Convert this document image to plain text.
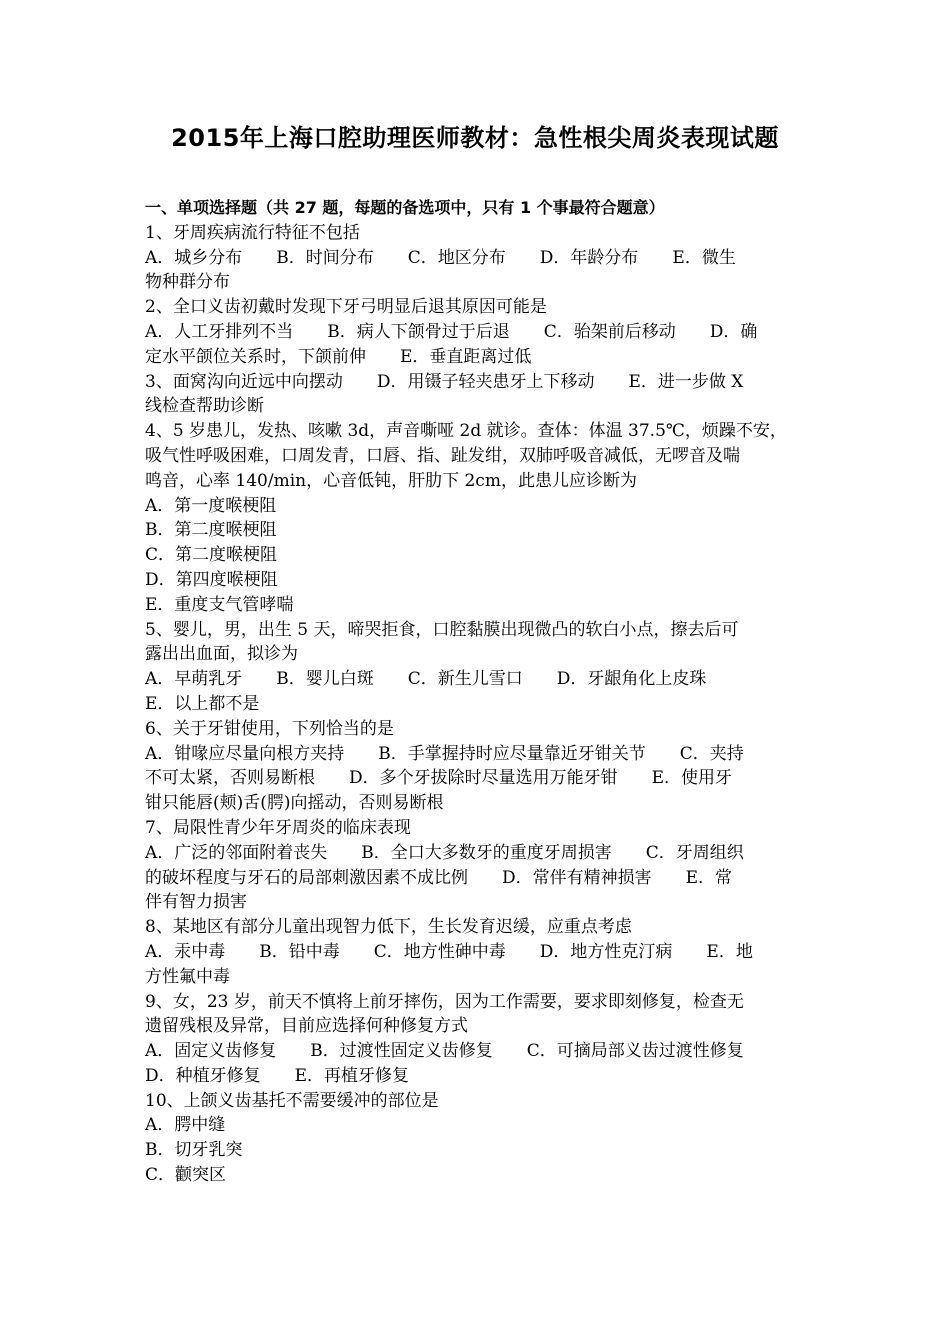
2015年上海口腔助理医师教材：急性根尖周炎表现试题
一、单项选择题（共 27 题，每题的备选项中，只有 1 个事最符合题意）
1、牙周疾病流行特征不包括
A．城乡分布　　B．时间分布　　C．地区分布　　D．年龄分布　　E．微生
物种群分布
2、全口义齿初戴时发现下牙弓明显后退其原因可能是
A．人工牙排列不当　　B．病人下颌骨过于后退　　C．骀架前后移动　　D．确
定水平颌位关系时，下颌前伸　　E．垂直距离过低
3、面窝沟向近远中向摆动　　D．用镊子轻夹患牙上下移动　　E．进一步做 X
线检查帮助诊断
4、5 岁患儿，发热、咳嗽 3d，声音嘶哑 2d 就诊。查体：体温 37.5℃，烦躁不安，
吸气性呼吸困难，口周发青，口唇、指、趾发绀，双肺呼吸音减低，无啰音及喘
鸣音，心率 140/min，心音低钝，肝肋下 2cm，此患儿应诊断为
A．第一度喉梗阻
B．第二度喉梗阻
C．第二度喉梗阻
D．第四度喉梗阻
E．重度支气管哮喘
5、婴儿，男，出生 5 天，啼哭拒食，口腔黏膜出现微凸的软白小点，擦去后可
露出出血面，拟诊为
A．早萌乳牙　　B．婴儿白斑　　C．新生儿雪口　　D．牙龈角化上皮珠
E．以上都不是
6、关于牙钳使用，下列恰当的是
A．钳喙应尽量向根方夹持　　B．手掌握持时应尽量靠近牙钳关节　　C．夹持
不可太紧，否则易断根　　D．多个牙拔除时尽量选用万能牙钳　　E．使用牙
钳只能唇(颊)舌(腭)向摇动，否则易断根
7、局限性青少年牙周炎的临床表现
A．广泛的邻面附着丧失　　B．全口大多数牙的重度牙周损害　　C．牙周组织
的破坏程度与牙石的局部刺激因素不成比例　　D．常伴有精神损害　　E．常
伴有智力损害
8、某地区有部分儿童出现智力低下，生长发育迟缓，应重点考虑
A．汞中毒　　B．铅中毒　　C．地方性砷中毒　　D．地方性克汀病　　E．地
方性氟中毒
9、女，23 岁，前天不慎将上前牙摔伤，因为工作需要，要求即刻修复，检查无
遗留残根及异常，目前应选择何种修复方式
A．固定义齿修复　　B．过渡性固定义齿修复　　C．可摘局部义齿过渡性修复
D．种植牙修复　　E．再植牙修复
10、上颌义齿基托不需要缓冲的部位是
A．腭中缝
B．切牙乳突
C．颧突区
